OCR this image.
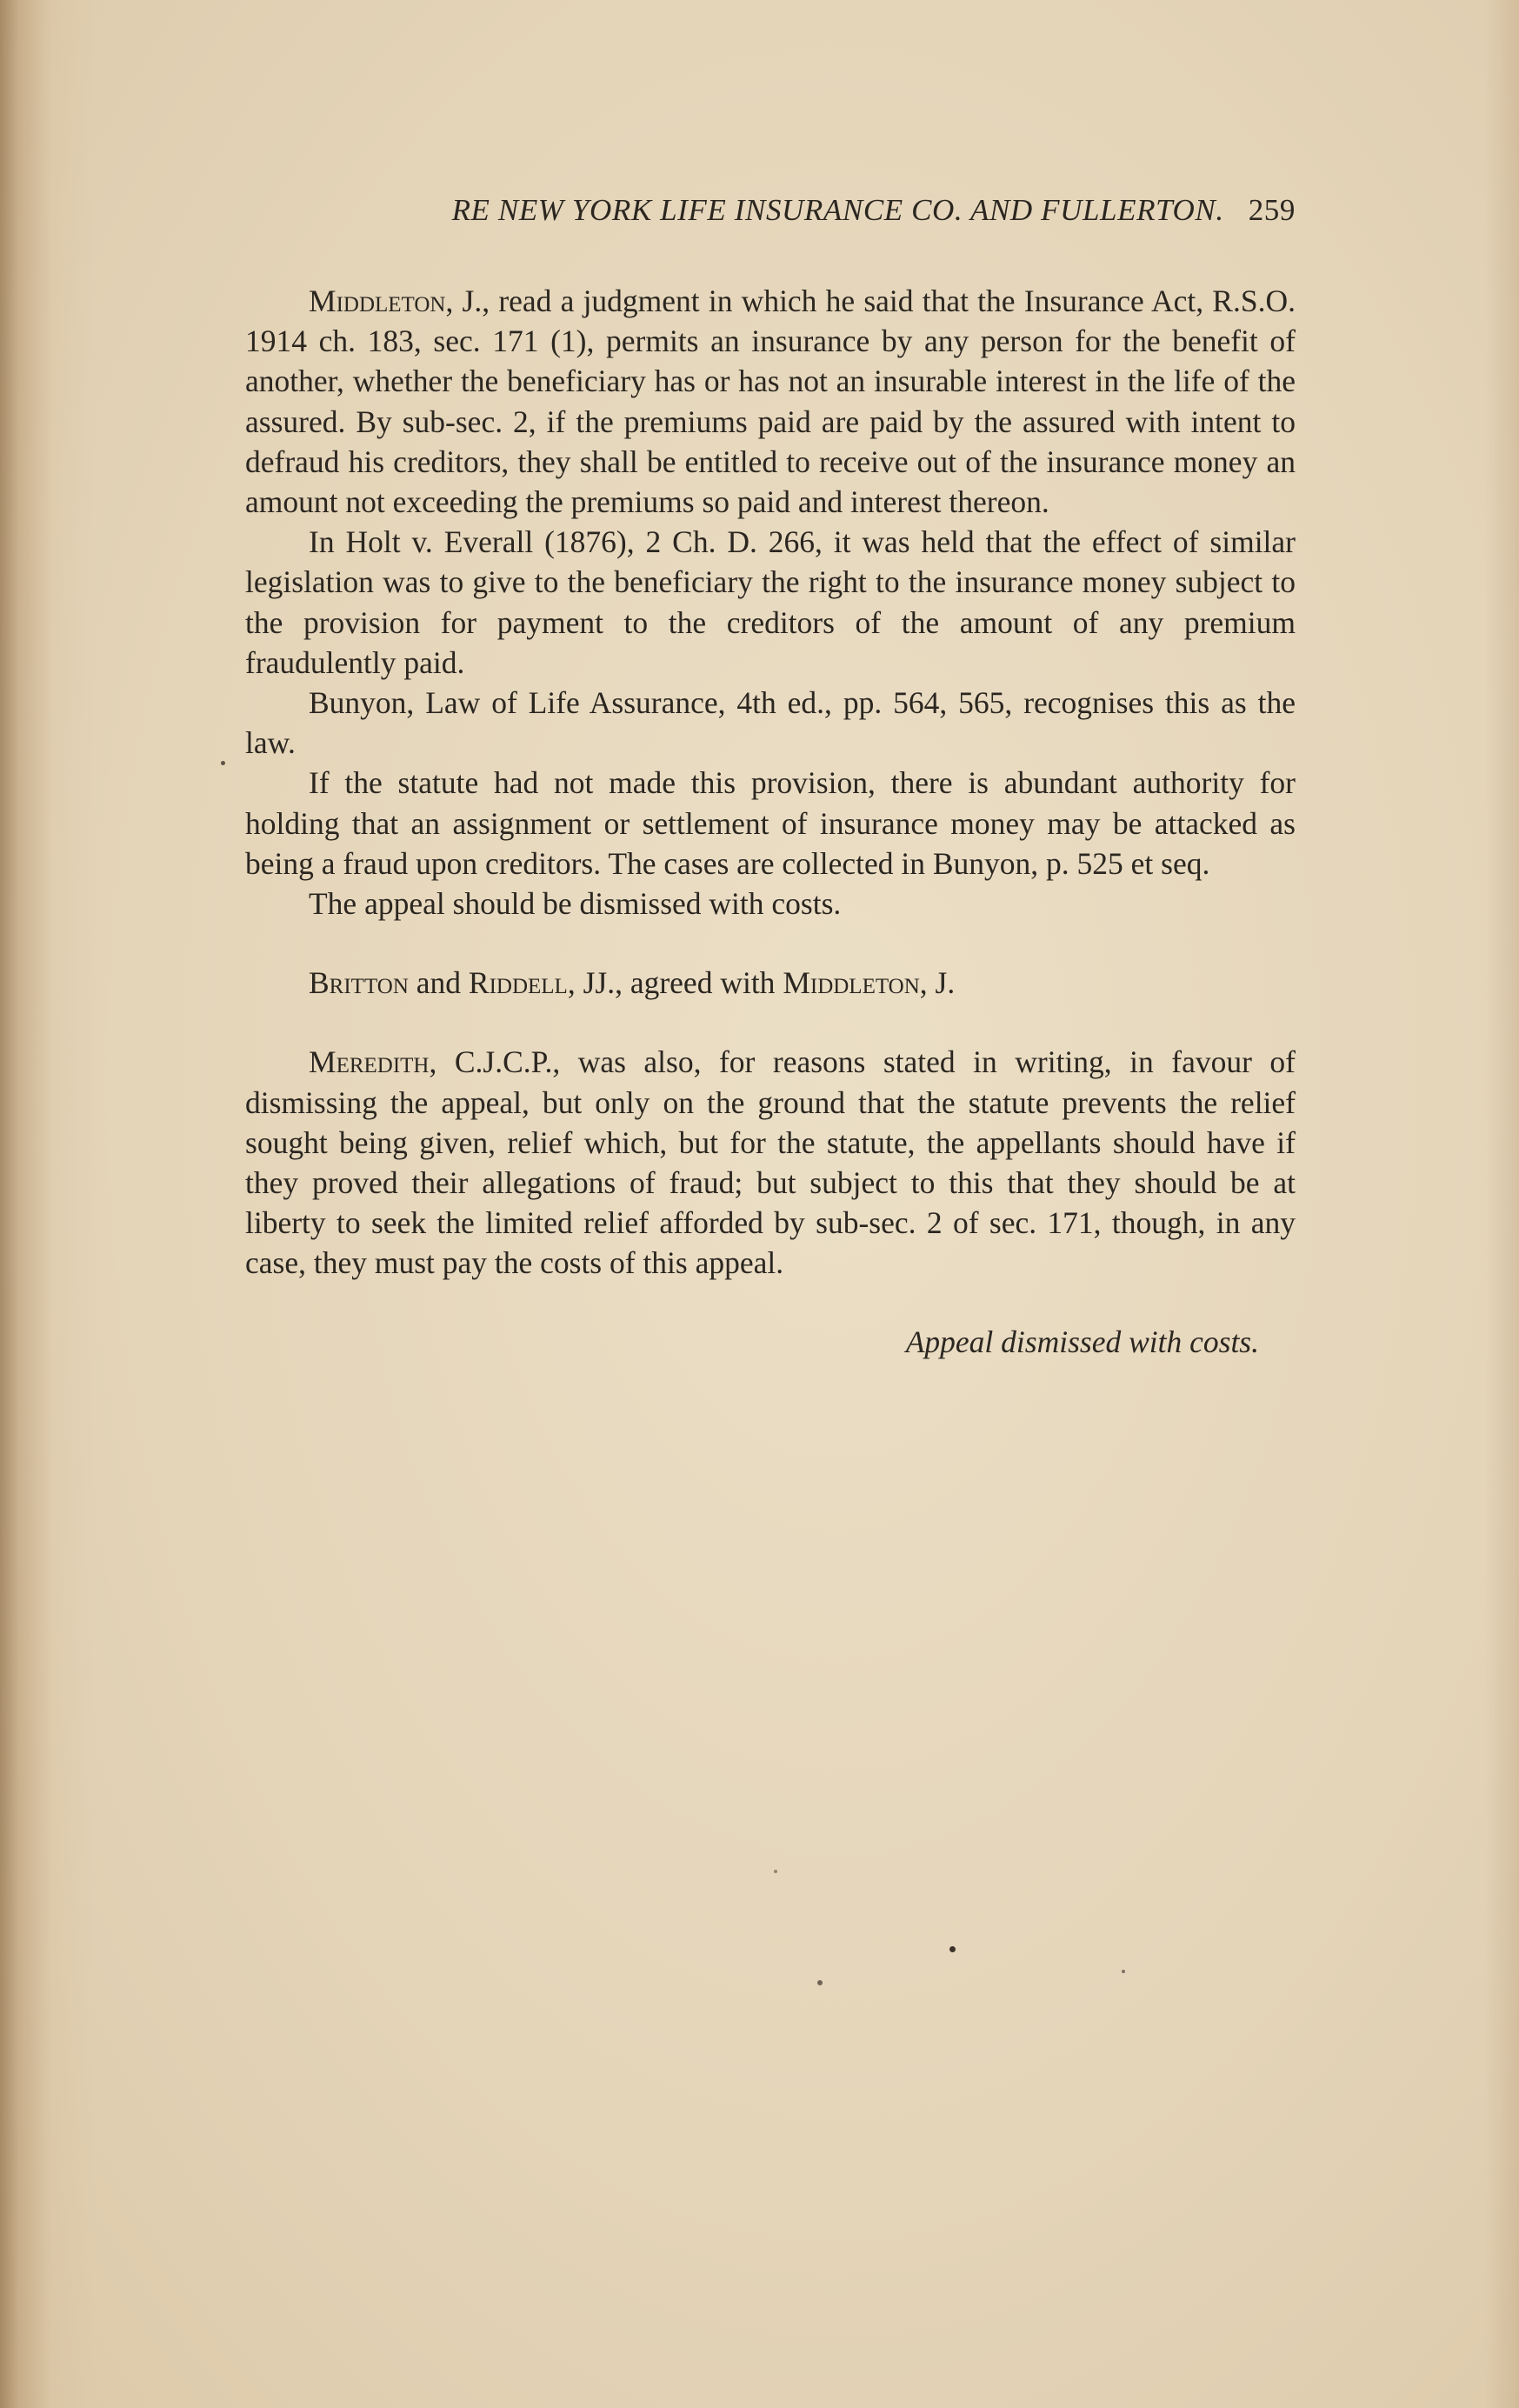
RE NEW YORK LIFE INSURANCE CO. AND FULLERTON. 259

Middleton, J., read a judgment in which he said that the Insurance Act, R.S.O. 1914 ch. 183, sec. 171 (1), permits an insurance by any person for the benefit of another, whether the beneficiary has or has not an insurable interest in the life of the assured. By sub-sec. 2, if the premiums paid are paid by the assured with intent to defraud his creditors, they shall be entitled to receive out of the insurance money an amount not exceeding the premiums so paid and interest thereon.

In Holt v. Everall (1876), 2 Ch. D. 266, it was held that the effect of similar legislation was to give to the beneficiary the right to the insurance money subject to the provision for payment to the creditors of the amount of any premium fraudulently paid.

Bunyon, Law of Life Assurance, 4th ed., pp. 564, 565, recognises this as the law.

If the statute had not made this provision, there is abundant authority for holding that an assignment or settlement of insurance money may be attacked as being a fraud upon creditors. The cases are collected in Bunyon, p. 525 et seq.

The appeal should be dismissed with costs.

Britton and Riddell, JJ., agreed with Middleton, J.

Meredith, C.J.C.P., was also, for reasons stated in writing, in favour of dismissing the appeal, but only on the ground that the statute prevents the relief sought being given, relief which, but for the statute, the appellants should have if they proved their allegations of fraud; but subject to this that they should be at liberty to seek the limited relief afforded by sub-sec. 2 of sec. 171, though, in any case, they must pay the costs of this appeal.

Appeal dismissed with costs.
